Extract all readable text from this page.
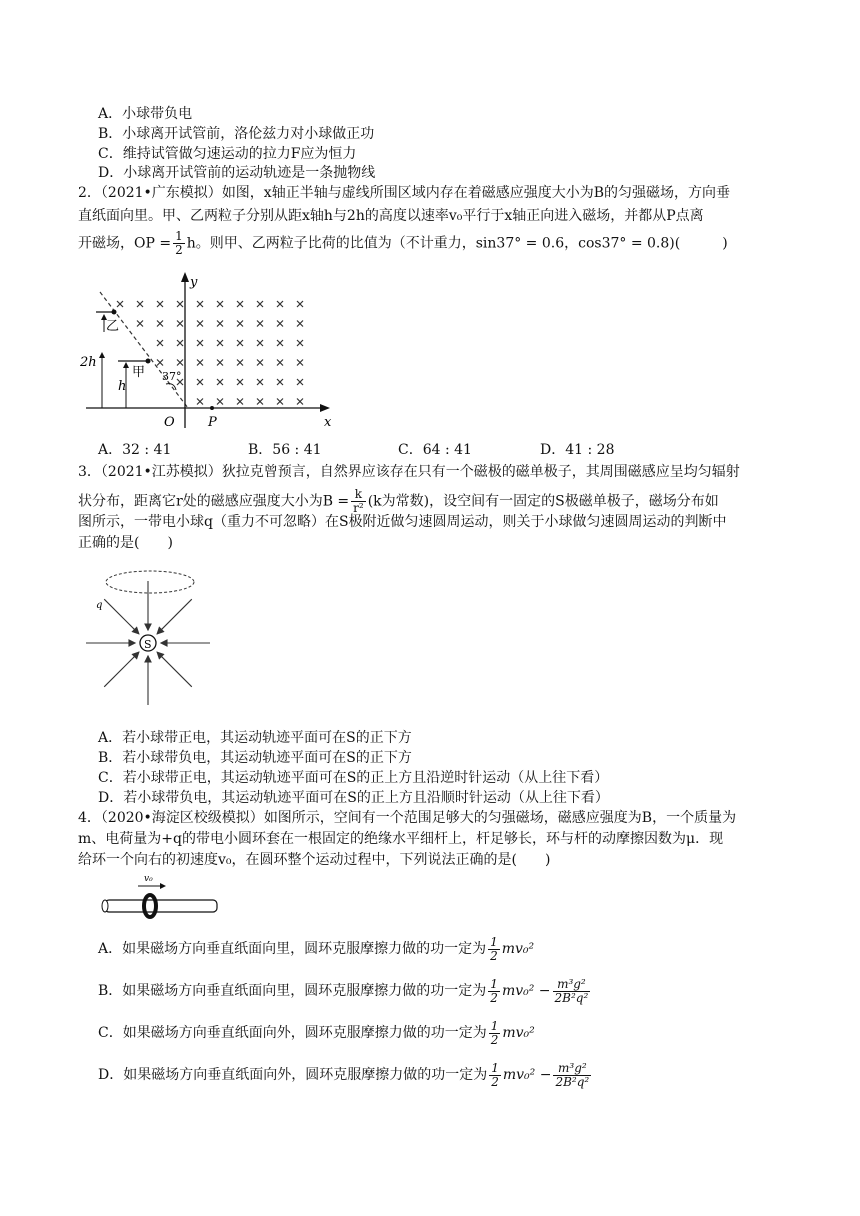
A．小球带负电
B．小球离开试管前，洛伦兹力对小球做正功
C．维持试管做匀速运动的拉力F应为恒力
D．小球离开试管前的运动轨迹是一条抛物线
2．（2021•广东模拟）如图，x轴正半轴与虚线所围区域内存在着磁感应强度大小为B的匀强磁场，方向垂
直纸面向里。甲、乙两粒子分别从距x轴h与2h的高度以速率v₀平行于x轴正向进入磁场，并都从P点离
开磁场，OP = $\frac{1}{2}$ h。则甲、乙两粒子比荷的比值为（不计重力，sin37° = 0.6，cos37° = 0.8)(	)
y
x
O	P
2h
h
甲
乙
37°
A．32 : 41	B．56 : 41	C．64 : 41	D．41 : 28
3．（2021•江苏模拟）狄拉克曾预言，自然界应该存在只有一个磁极的磁单极子，其周围磁感应呈均匀辐射
状分布，距离它r处的磁感应强度大小为$B = \frac{k}{\text{r²}} (k$为常数)，设空间有一固定的S极磁单极子，磁场分布如
图所示，一带电小球q（重力不可忽略）在S极附近做匀速圆周运动，则关于小球做匀速圆周运动的判断中
正确的是(　　)
S
q
A．若小球带正电，其运动轨迹平面可在S的正下方
B．若小球带负电，其运动轨迹平面可在S的正下方
C．若小球带正电，其运动轨迹平面可在S的正上方且沿逆时针运动（从上往下看）
D．若小球带负电，其运动轨迹平面可在S的正上方且沿顺时针运动（从上往下看）
4．（2020•海淀区校级模拟）如图所示，空间有一个范围足够大的匀强磁场，磁感应强度为B，一个质量为
m、电荷量为+q的带电小圆环套在一根固定的绝缘水平细杆上，杆足够长，环与杆的动摩擦因数为μ．现
给环一个向右的初速度v₀，在圆环整个运动过程中，下列说法正确的是(　　)
v₀
A．如果磁场方向垂直纸面向里，圆环克服摩擦力做的功一定为 $\frac{1}{2} mv_0^2$
B．如果磁场方向垂直纸面向里，圆环克服摩擦力做的功一定为 $\frac{1}{2} mv_0^2 - \frac{\text{m³g²}}{\text{2B²q²}}$
C．如果磁场方向垂直纸面向外，圆环克服摩擦力做的功一定为 $\frac{1}{2} mv_0^2$
D．如果磁场方向垂直纸面向外，圆环克服摩擦力做的功一定为 $\frac{1}{2} mv_0^2 - \frac{\text{m³g²}}{\text{2B²q²}}$
